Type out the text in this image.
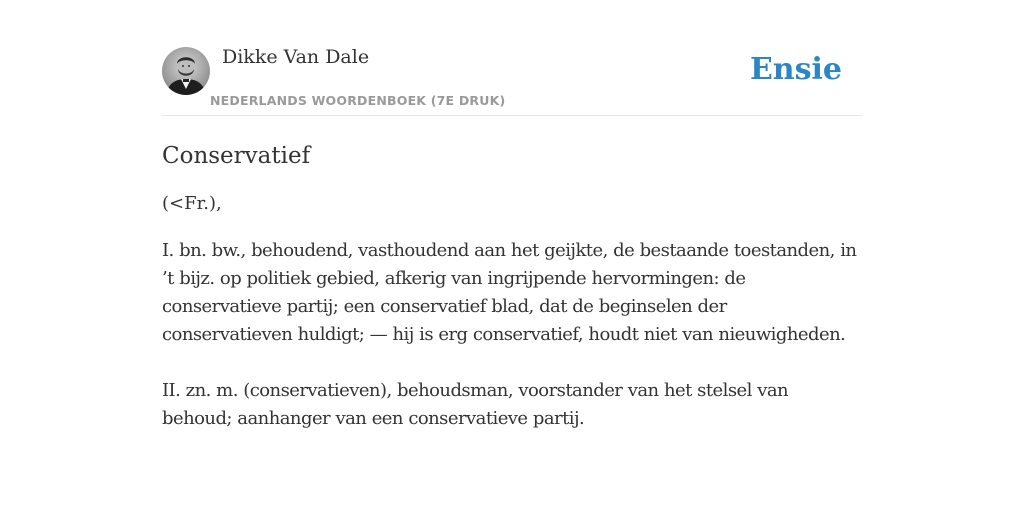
Dikke Van Dale
NEDERLANDS WOORDENBOEK (7E DRUK)
Ensie
Conservatief

(<Fr.),

I. bn. bw., behoudend, vasthoudend aan het geijkte, de bestaande toestanden, in ’t bijz. op politiek gebied, afkerig van ingrijpende hervormingen: de conservatieve partij; een conservatief blad, dat de beginselen der conservatieven huldigt; — hij is erg conservatief, houdt niet van nieuwigheden.

II. zn. m. (conservatieven), behoudsman, voorstander van het stelsel van behoud; aanhanger van een conservatieve partij.
